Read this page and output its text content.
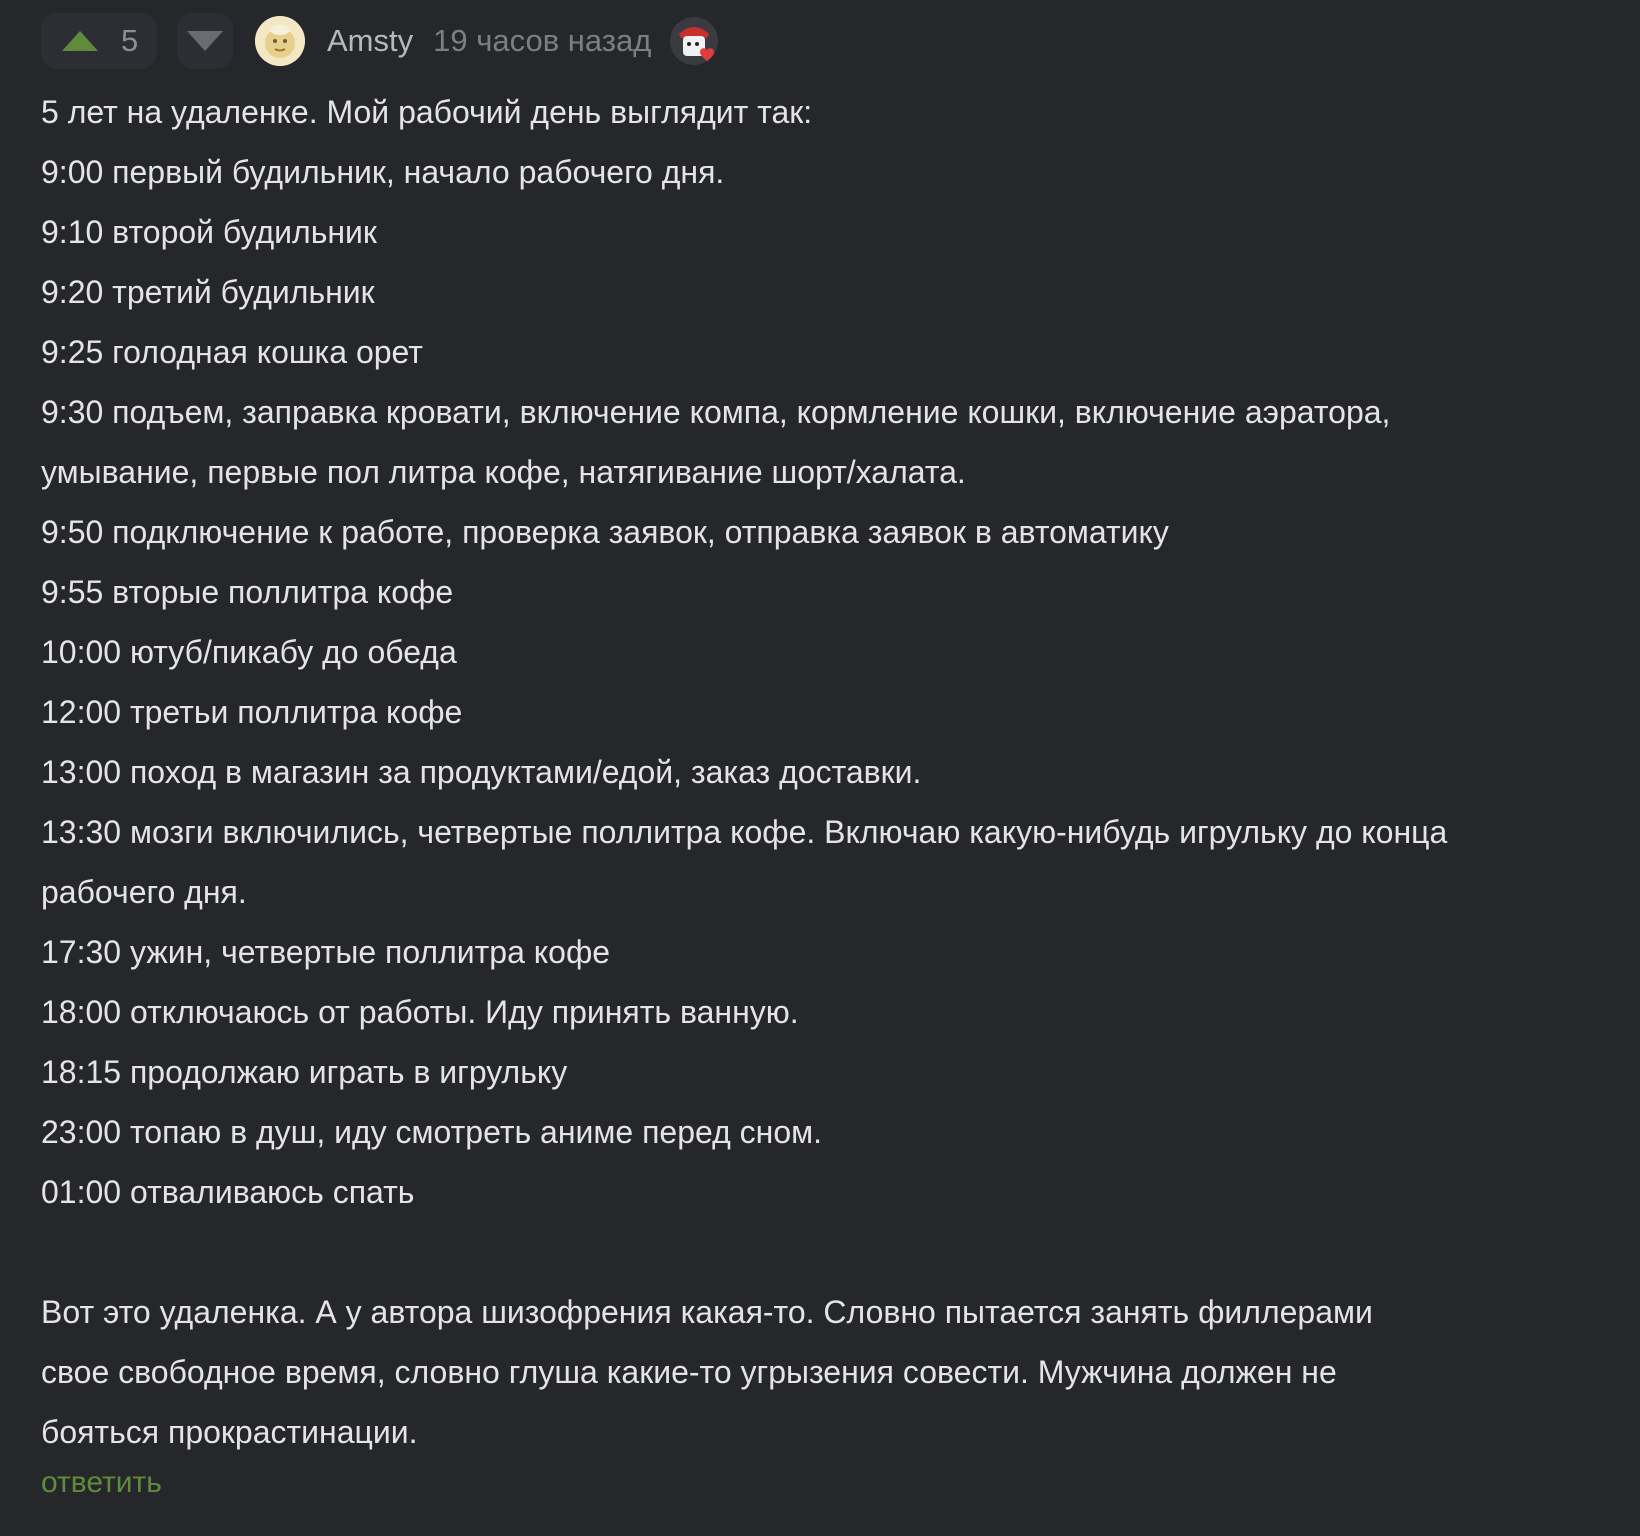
5	Amsty 19 часов назад
5 лет на удаленке. Мой рабочий день выглядит так:
9:00 первый будильник, начало рабочего дня.
9:10 второй будильник
9:20 третий будильник
9:25 голодная кошка орет
9:30 подъем, заправка кровати, включение компа, кормление кошки, включение аэратора,
умывание, первые пол литра кофе, натягивание шорт/халата.
9:50 подключение к работе, проверка заявок, отправка заявок в автоматику
9:55 вторые поллитра кофе
10:00 ютуб/пикабу до обеда
12:00 третьи поллитра кофе
13:00 поход в магазин за продуктами/едой, заказ доставки.
13:30 мозги включились, четвертые поллитра кофе. Включаю какую-нибудь игрульку до конца
рабочего дня.
17:30 ужин, четвертые поллитра кофе
18:00 отключаюсь от работы. Иду принять ванную.
18:15 продолжаю играть в игрульку
23:00 топаю в душ, иду смотреть аниме перед сном.
01:00 отваливаюсь спать
Вот это удаленка. А у автора шизофрения какая-то. Словно пытается занять филлерами
свое свободное время, словно глуша какие-то угрызения совести. Мужчина должен не
бояться прокрастинации.
ответить
